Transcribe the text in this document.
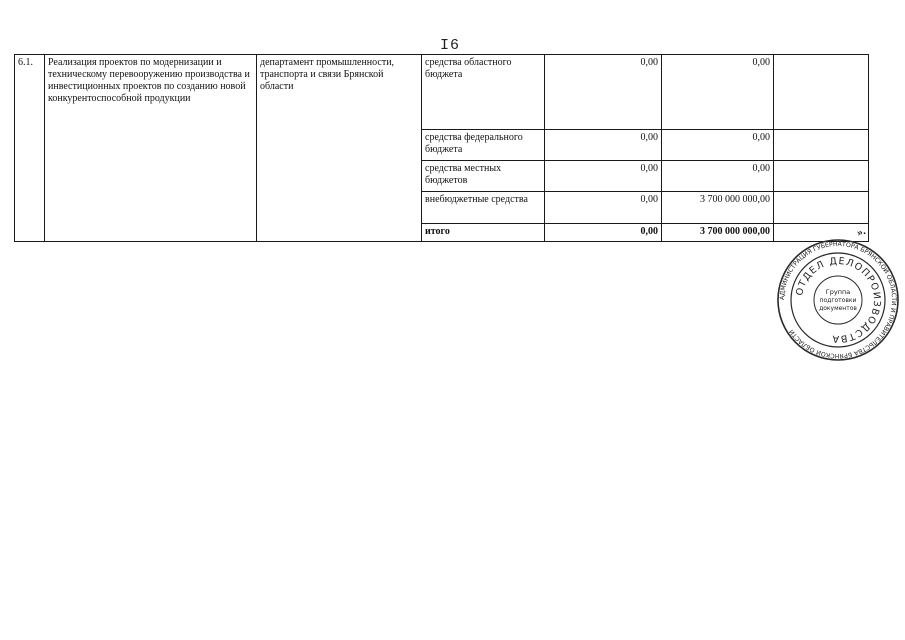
I6
6.1.	Реализация проектов по модернизации и техническому перевооружению производства и инвестиционных проектов по созданию новой конкурентоспособной продукции	департамент промышленности, транспорта и связи Брянской области	средства областного бюджета	0,00	0,00	
			средства федерального бюджета	0,00	0,00	
			средства местных бюджетов	0,00	0,00	
			внебюджетные средства	0,00	3 700 000 000,00	
			итого	0,00	3 700 000 000,00	».
АДМИНИСТРАЦИЯ ГУБЕРНАТОРА БРЯНСКОЙ ОБЛАСТИ И ПРАВИТЕЛЬСТВА БРЯНСКОЙ ОБЛАСТИ
ОТДЕЛ ДЕЛОПРОИЗВОДСТВА
Группа
подготовки
документов
